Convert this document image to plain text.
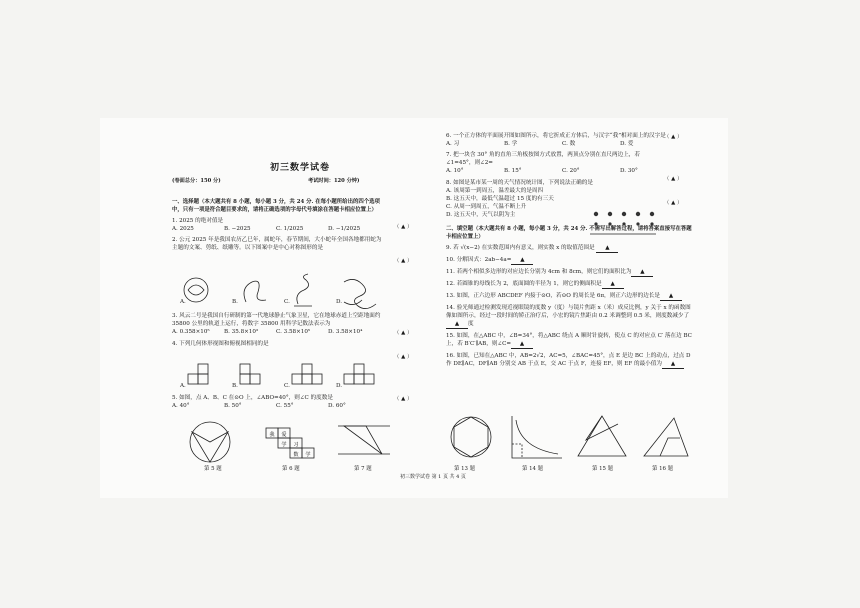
初三数学试卷
(卷面总分：150 分)	考试时间：120 分钟)

一、选择题（本大题共有 8 小题，每小题 3 分，共 24 分. 在每小题所给出的四个选项中，只有一项是符合题目要求的，请将正确选项的字母代号填涂在答题卡相应位置上）

1. 2025 的绝对值是

A. 2025	B. −2025	C. 1/2025	D. −1/2025

2. 公元 2025 年是我国农历乙巳年，属蛇年，春节期间，大小蛇年全国各地都用蛇为主题的文案、剪纸、纸雕等。以下图案中是中心对称图形的是

A.	B.	C.	D.

3. 风云二号是我国自行研制的第一代地球静止气象卫星，它在地球赤道上空距地面约 35800 公里的轨道上运行，将数字 35800 用科学记数法表示为

A. 0.358×10⁵	B. 35.8×10³	C. 3.58×10⁵	D. 3.58×10⁴

4. 下列几何体形视图和俯视图相同的是

A.	B.	C.	D.

5. 如图，点 A、B、C 在⊙O 上，∠ABO=40°，则∠C 的度数是

A. 40°	B. 50°	C. 55°	D. 60°
我 爱
学 习
数 学
第 5 题	第 6 题	第 7 题
（ ▲ ）
（ ▲ ）
（ ▲ ）
（ ▲ ）
（ ▲ ）

6. 一个正方体的平面展开图如图所示，将它折成正方体后，与汉字“我”相对面上的汉字是

A. 习	B. 学	C. 数	D. 爱

7. 把一块含 30° 角的直角三角板按图方式放置，两顶点分别在直尺两边上，若∠1=45°，则∠2=

A. 10°	B. 15°	C. 20°	D. 30°

8. 如图是某市某一周的天气情况统计图，下列说法正确的是

A. 该周第一到周五，温差最大的是周四

B. 这五天中，最低气温超过 15 度的有三天

C. 从周一到周五，气温不断上升

D. 这五天中，天气以阴为主

二、填空题（本大题共有 8 小题，每小题 3 分，共 24 分. 不需写出解答过程，请将答案直接写在答题卡相应位置上）

9. 若 √(x−2) 在实数范围内有意义，则实数 x 的取值范围是 ▲

10. 分解因式：2ab−4a= ▲

11. 若两个相似多边形的对应边长分别为 4cm 和 8cm，则它们的面积比为 ▲

12. 若圆锥的母线长为 2，底面圆的半径为 1，则它的侧面积是 ▲

13. 如图，正六边形 ABCDEF 内接于⊙O，若⊙O 的周长是 6π，则正六边形的边长是 ▲

14. 验光师通过检测发现近视眼镜的度数 y（度）与镜片焦距 x（米）成反比例，y 关于 x 的函数图像如图所示，经过一段时间的矫正治疗后，小宏的镜片焦距由 0.2 米调整到 0.5 米，则度数减少了▲ 度

15. 如图，在△ABC 中，∠B=34°，将△ABC 绕点 A 顺时针旋转，使点 C 的对应点 C′ 落在边 BC 上，若 B′C′∥AB，则∠C= ▲

16. 如图，已知在△ABC 中，AB=2√2，AC=5，∠BAC=45°，点 E 是边 BC 上的动点，过点 D 作 DE∥AC，DF∥AB 分别交 AB 于点 E，交 AC 于点 F，连接 EF，则 EF 的最小值为 ▲

（ ▲ ）
（ ▲ ）
（ ▲ ）
第 13 题	第 14 题	第 15 题	第 16 题
初三数学试卷 第 1 页 共 4 页
